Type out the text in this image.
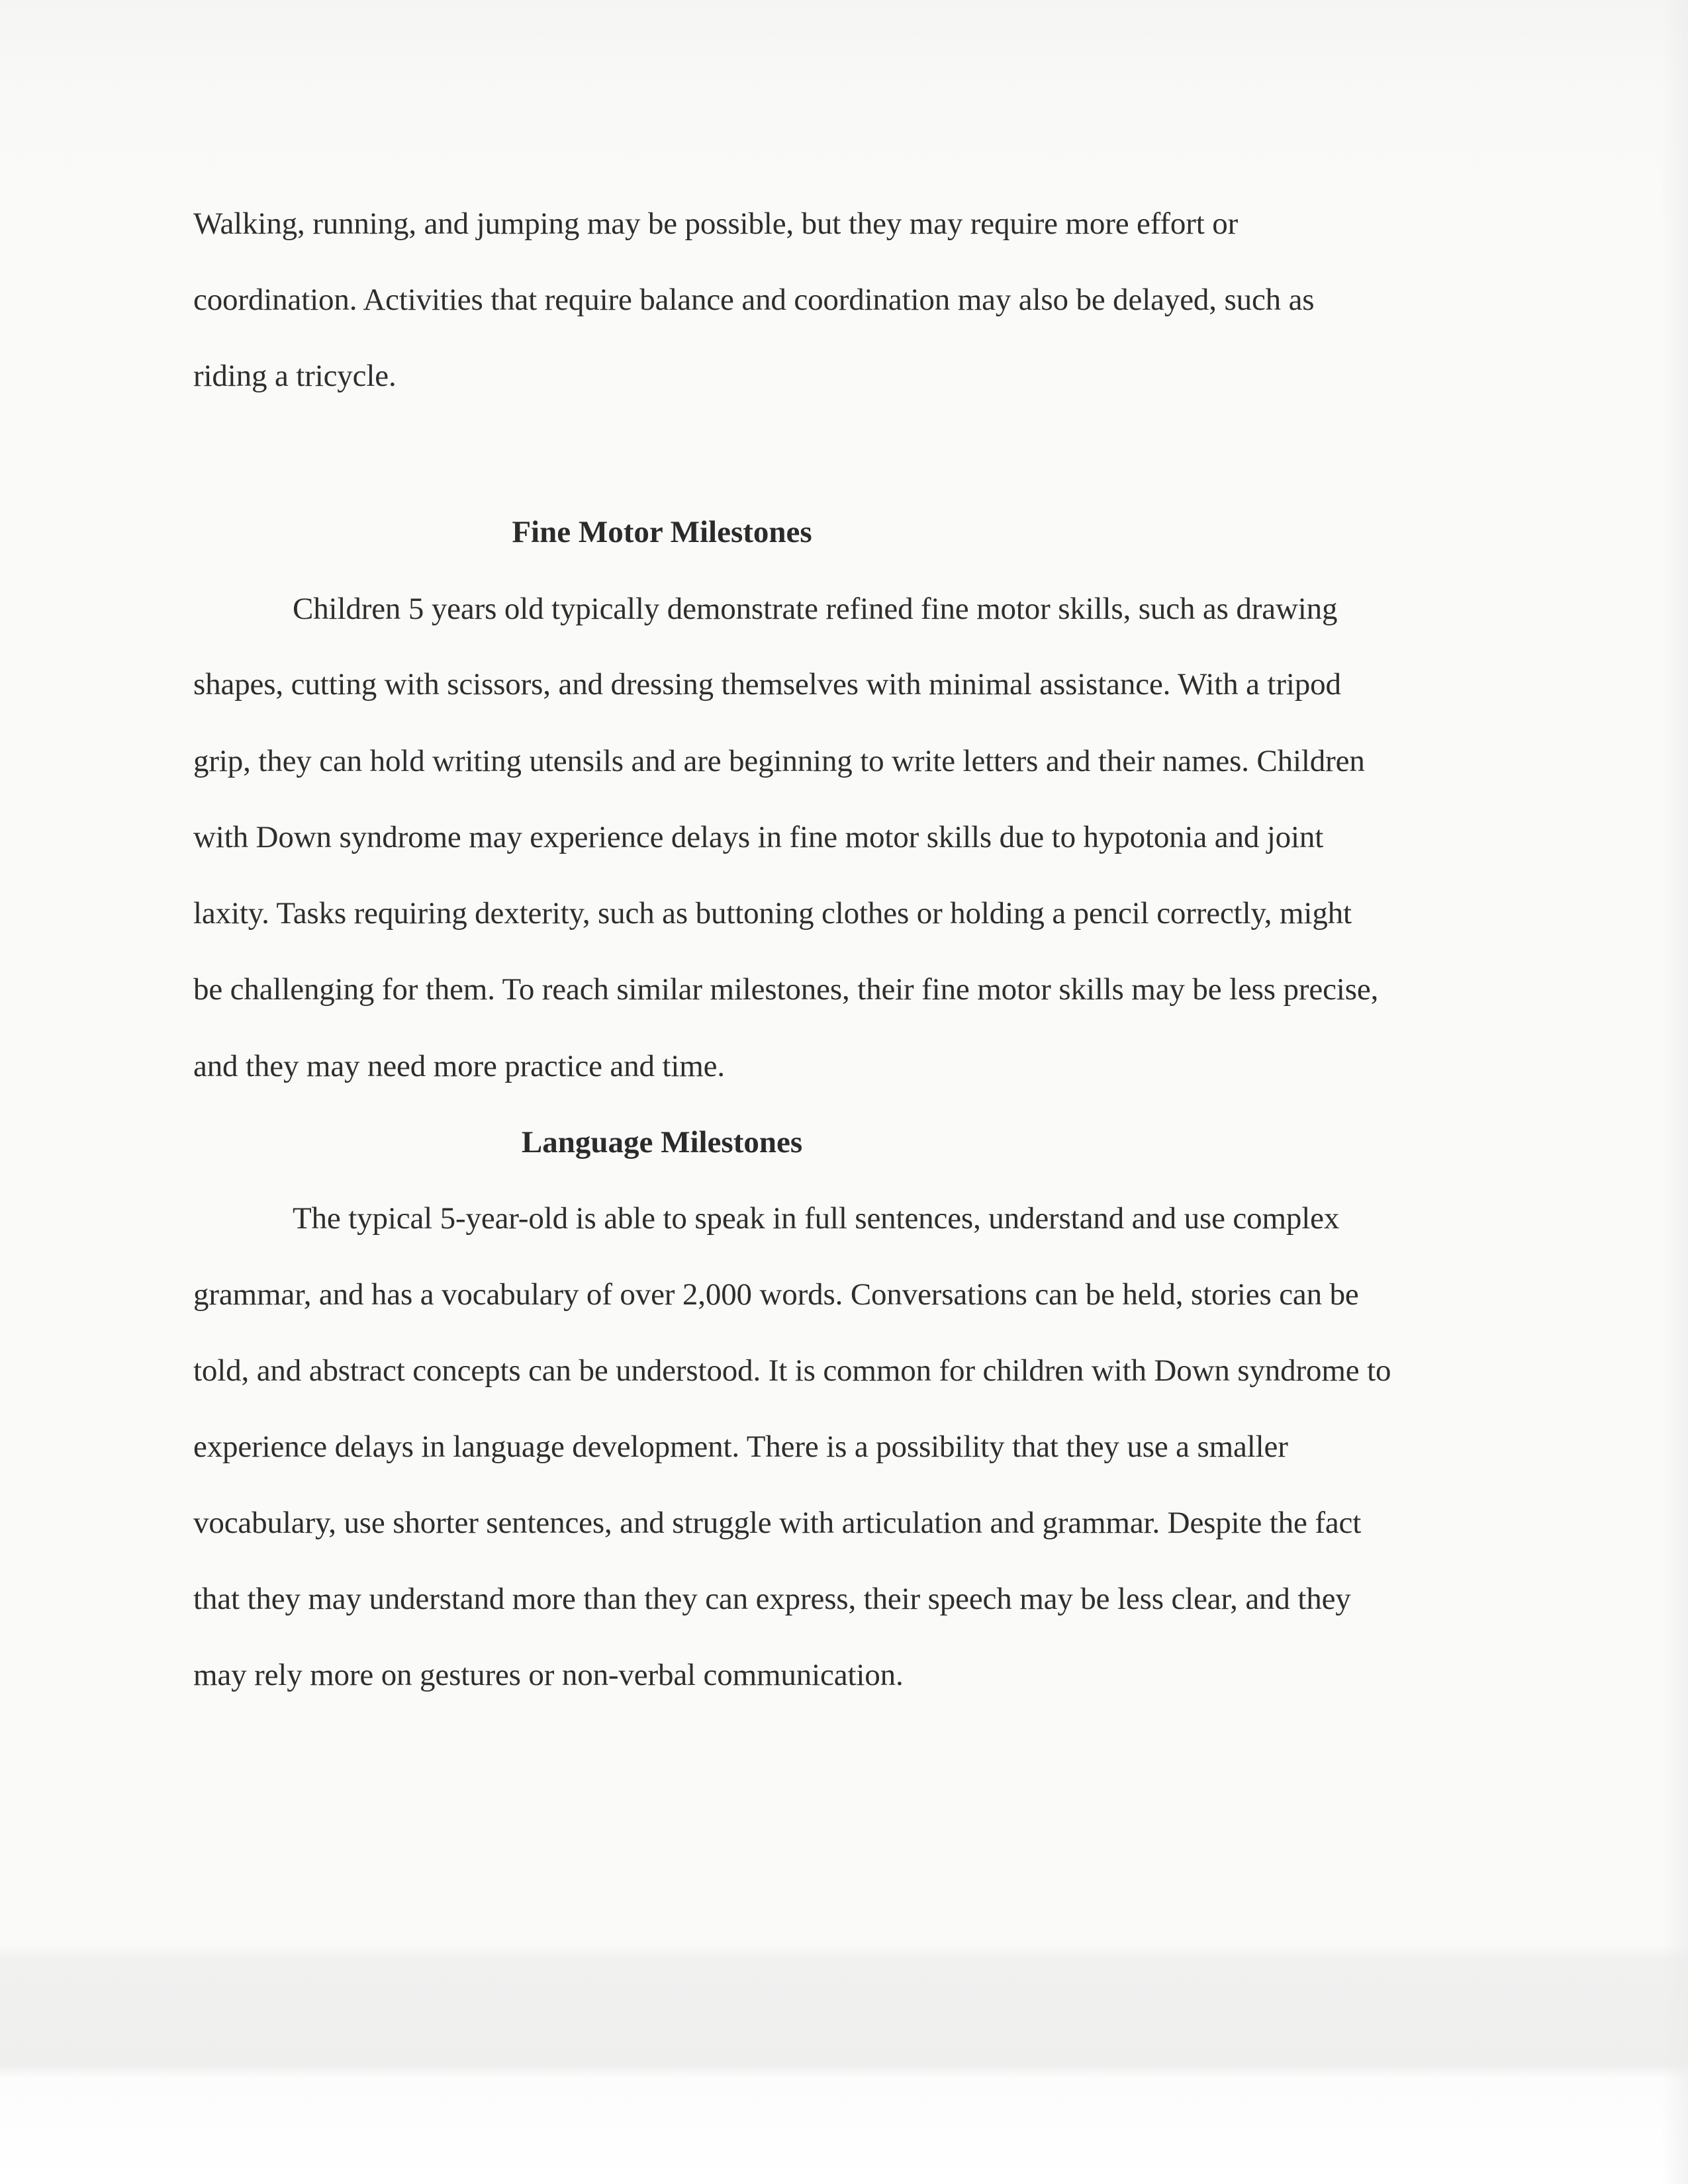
Walking, running, and jumping may be possible, but they may require more effort or
coordination. Activities that require balance and coordination may also be delayed, such as
riding a tricycle.
Fine Motor Milestones
Children 5 years old typically demonstrate refined fine motor skills, such as drawing
shapes, cutting with scissors, and dressing themselves with minimal assistance. With a tripod
grip, they can hold writing utensils and are beginning to write letters and their names. Children
with Down syndrome may experience delays in fine motor skills due to hypotonia and joint
laxity. Tasks requiring dexterity, such as buttoning clothes or holding a pencil correctly, might
be challenging for them. To reach similar milestones, their fine motor skills may be less precise,
and they may need more practice and time.
Language Milestones
The typical 5-year-old is able to speak in full sentences, understand and use complex
grammar, and has a vocabulary of over 2,000 words. Conversations can be held, stories can be
told, and abstract concepts can be understood. It is common for children with Down syndrome to
experience delays in language development. There is a possibility that they use a smaller
vocabulary, use shorter sentences, and struggle with articulation and grammar. Despite the fact
that they may understand more than they can express, their speech may be less clear, and they
may rely more on gestures or non-verbal communication.
